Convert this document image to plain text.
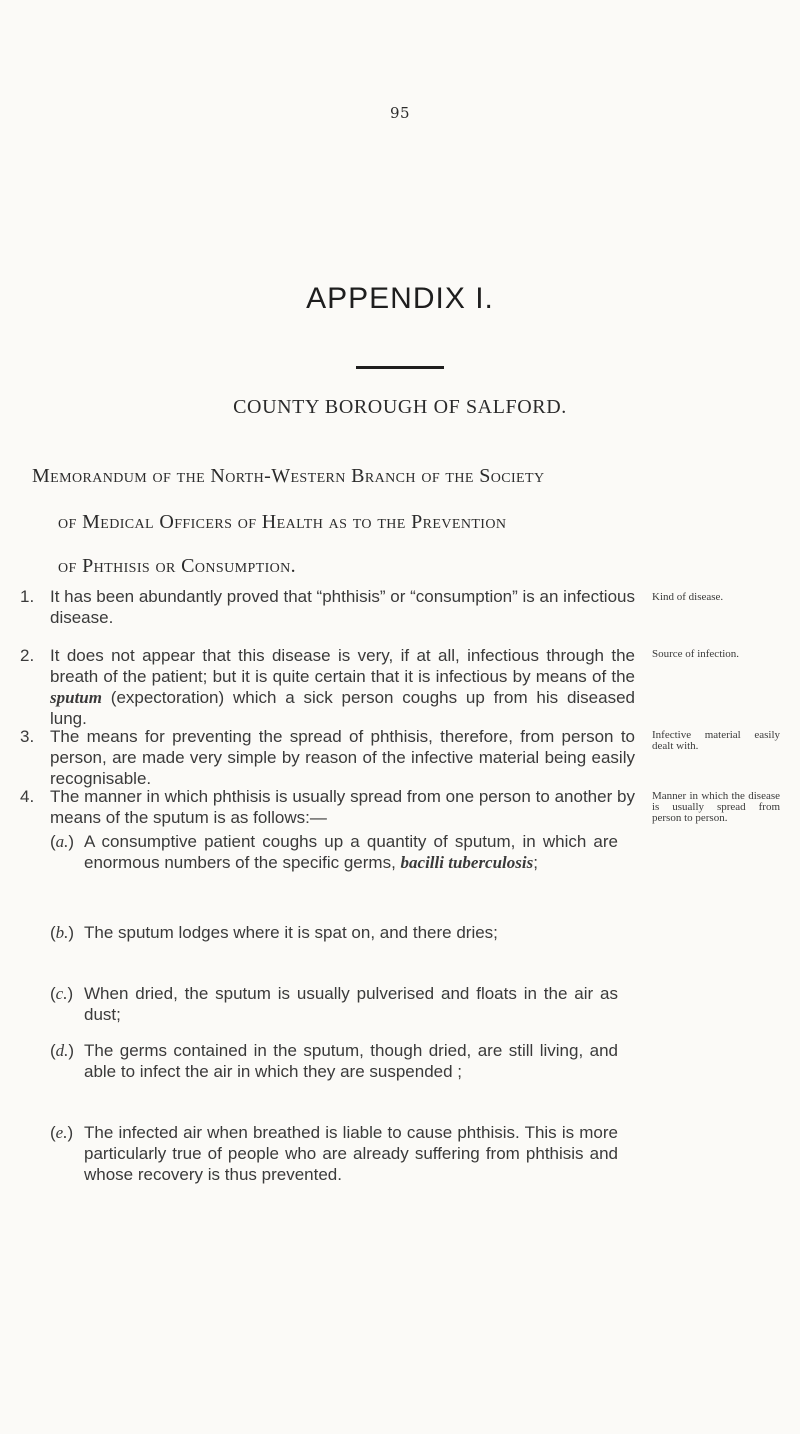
95
APPENDIX I.
COUNTY BOROUGH OF SALFORD.
Memorandum of the North-Western Branch of the Society
of Medical Officers of Health as to the Prevention
of Phthisis or Consumption.
1. It has been abundantly proved that “phthisis” or “consumption” is an infectious disease.
Kind of disease.
2. It does not appear that this disease is very, if at all, infectious through the breath of the patient; but it is quite certain that it is infectious by means of the sputum (expectoration) which a sick person coughs up from his diseased lung.
Source of infection.
3. The means for preventing the spread of phthisis, therefore, from person to person, are made very simple by reason of the infective material being easily recognisable.
Infective material easily dealt with.
4. The manner in which phthisis is usually spread from one person to another by means of the sputum is as follows:—
Manner in which the disease is usually spread from person to person.
(a.) A consumptive patient coughs up a quantity of sputum, in which are enormous numbers of the specific germs, bacilli tuberculosis;
(b.) The sputum lodges where it is spat on, and there dries;
(c.) When dried, the sputum is usually pulverised and floats in the air as dust;
(d.) The germs contained in the sputum, though dried, are still living, and able to infect the air in which they are suspended ;
(e.) The infected air when breathed is liable to cause phthisis. This is more particularly true of people who are already suffering from phthisis and whose recovery is thus prevented.
